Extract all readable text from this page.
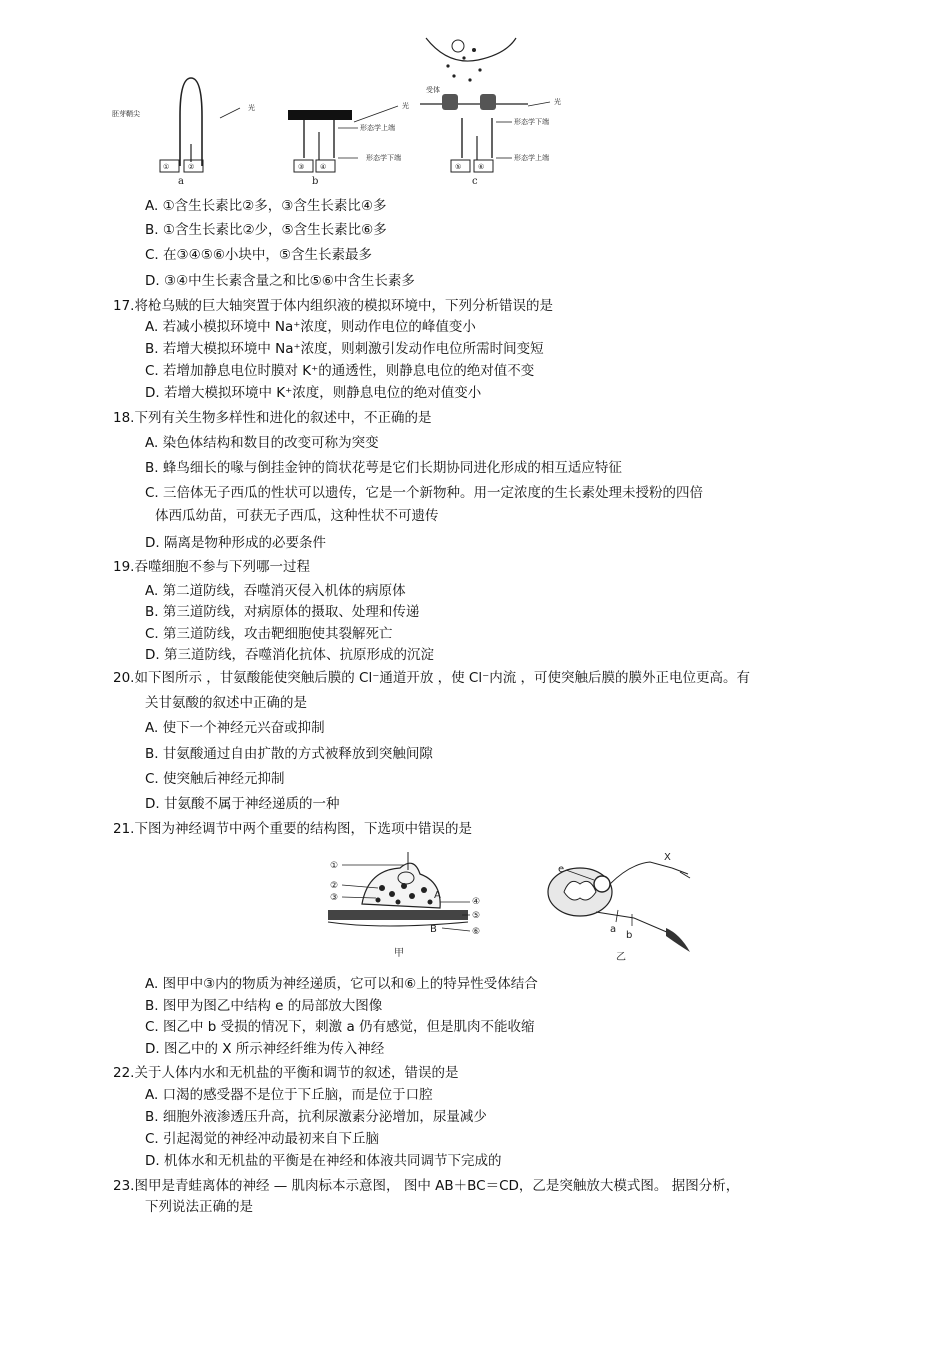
①	②
胚芽鞘尖
光
a
③ ④
光
形态学上端
形态学下端
b
受体
⑤ ⑥
光
形态学下端
形态学上端
c
A. ①含生长素比②多，③含生长素比④多
B. ①含生长素比②少，⑤含生长素比⑥多
C. 在③④⑤⑥小块中，⑤含生长素最多
D. ③④中生长素含量之和比⑤⑥中含生长素多
17.将枪乌贼的巨大轴突置于体内组织液的模拟环境中，下列分析错误的是
A. 若减小模拟环境中 Na⁺浓度，则动作电位的峰值变小
B. 若增大模拟环境中 Na⁺浓度，则刺激引发动作电位所需时间变短
C. 若增加静息电位时膜对 K⁺的通透性，则静息电位的绝对值不变
D. 若增大模拟环境中 K⁺浓度，则静息电位的绝对值变小
18.下列有关生物多样性和进化的叙述中，不正确的是
A. 染色体结构和数目的改变可称为突变
B. 蜂鸟细长的喙与倒挂金钟的筒状花萼是它们长期协同进化形成的相互适应特征
C. 三倍体无子西瓜的性状可以遗传，它是一个新物种。用一定浓度的生长素处理未授粉的四倍
体西瓜幼苗，可获无子西瓜，这种性状不可遗传
D. 隔离是物种形成的必要条件
19.吞噬细胞不参与下列哪一过程
A. 第二道防线，吞噬消灭侵入机体的病原体
B. 第三道防线，对病原体的摄取、处理和传递
C. 第三道防线，攻击靶细胞使其裂解死亡
D. 第三道防线，吞噬消化抗体、抗原形成的沉淀
20.如下图所示 ，甘氨酸能使突触后膜的 Cl⁻通道开放 ，使 Cl⁻内流 ，可使突触后膜的膜外正电位更高。有
关甘氨酸的叙述中正确的是
A. 使下一个神经元兴奋或抑制
B. 甘氨酸通过自由扩散的方式被释放到突触间隙
C. 使突触后神经元抑制
D. 甘氨酸不属于神经递质的一种
21.下图为神经调节中两个重要的结构图，下选项中错误的是
①
②
③	④
⑤
⑥
A
B
甲
e
X
a
b
乙
A. 图甲中③内的物质为神经递质，它可以和⑥上的特异性受体结合
B. 图甲为图乙中结构 e 的局部放大图像
C. 图乙中 b 受损的情况下，刺激 a 仍有感觉，但是肌肉不能收缩
D. 图乙中的 X 所示神经纤维为传入神经
22.关于人体内水和无机盐的平衡和调节的叙述，错误的是
A. 口渴的感受器不是位于下丘脑，而是位于口腔
B. 细胞外液渗透压升高，抗利尿激素分泌增加，尿量减少
C. 引起渴觉的神经冲动最初来自下丘脑
D. 机体水和无机盐的平衡是在神经和体液共同调节下完成的
23.图甲是青蛙离体的神经 — 肌肉标本示意图， 图中 AB＋BC＝CD，乙是突触放大模式图。 据图分析，
下列说法正确的是
